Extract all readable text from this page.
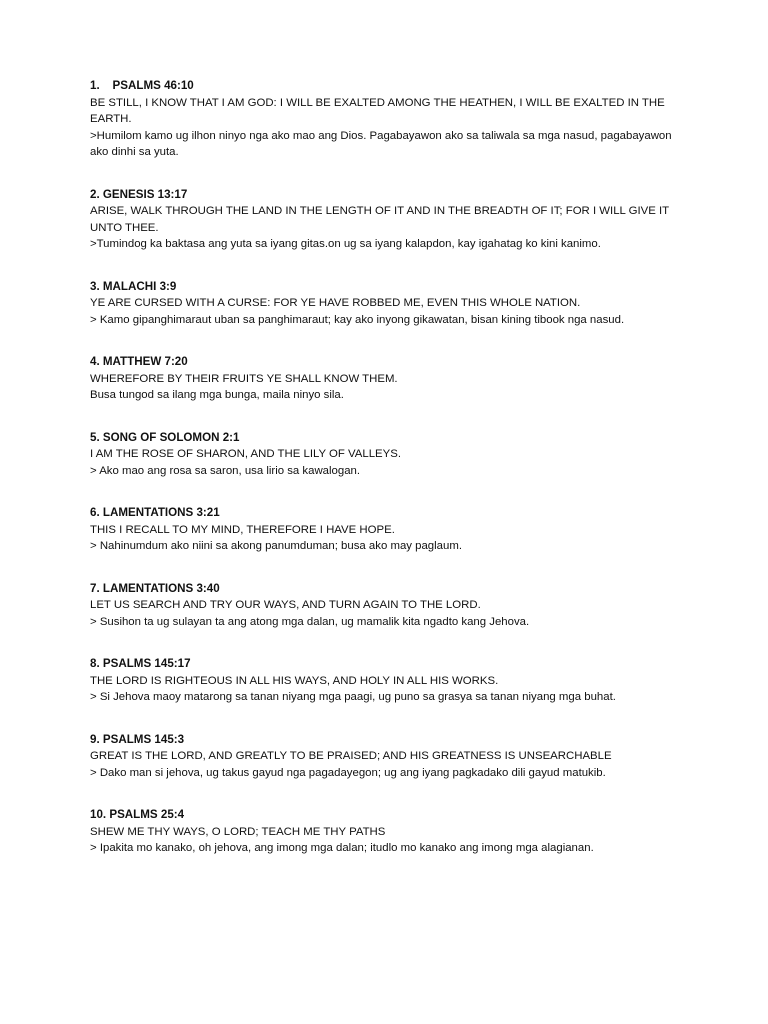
1.    PSALMS 46:10

BE STILL, I KNOW THAT I AM GOD: I WILL BE EXALTED AMONG THE HEATHEN, I WILL BE EXALTED IN THE EARTH.

>Humilom kamo ug ilhon ninyo nga ako mao ang Dios. Pagabayawon ako sa taliwala sa mga nasud, pagabayawon ako dinhi sa yuta.

2. GENESIS 13:17

ARISE, WALK THROUGH THE LAND IN THE LENGTH OF IT AND IN THE BREADTH OF IT; FOR I WILL GIVE IT UNTO THEE.

>Tumindog ka baktasa ang yuta sa iyang gitas.on ug sa iyang kalapdon, kay igahatag ko kini kanimo.

3. MALACHI 3:9

YE ARE CURSED WITH A CURSE: FOR YE HAVE ROBBED ME, EVEN THIS WHOLE NATION.

> Kamo gipanghimaraut uban sa panghimaraut; kay ako inyong gikawatan, bisan kining tibook nga nasud.

4. MATTHEW 7:20

WHEREFORE BY THEIR FRUITS YE SHALL KNOW THEM.

Busa tungod sa ilang mga bunga, maila ninyo sila.

5. SONG OF SOLOMON 2:1

I AM THE ROSE OF SHARON, AND THE LILY OF VALLEYS.

> Ako mao ang rosa sa saron, usa lirio sa kawalogan.

6. LAMENTATIONS 3:21

THIS I RECALL TO MY MIND, THEREFORE I HAVE HOPE.

> Nahinumdum ako niini sa akong panumduman; busa ako may paglaum.

7. LAMENTATIONS 3:40

LET US SEARCH AND TRY OUR WAYS, AND TURN AGAIN TO THE LORD.

> Susihon ta ug sulayan ta ang atong mga dalan, ug mamalik kita ngadto kang Jehova.

8. PSALMS 145:17

THE LORD IS RIGHTEOUS IN ALL HIS WAYS, AND HOLY IN ALL HIS WORKS.

> Si Jehova maoy matarong sa tanan niyang mga paagi, ug puno sa grasya sa tanan niyang mga buhat.

9. PSALMS 145:3

GREAT IS THE LORD, AND GREATLY TO BE PRAISED; AND HIS GREATNESS IS UNSEARCHABLE

> Dako man si jehova, ug takus gayud nga pagadayegon; ug ang iyang pagkadako dili gayud matukib.

10. PSALMS 25:4

SHEW ME THY WAYS, O LORD; TEACH ME THY PATHS

> Ipakita mo kanako, oh jehova, ang imong mga dalan; itudlo mo kanako ang imong mga alagianan.
